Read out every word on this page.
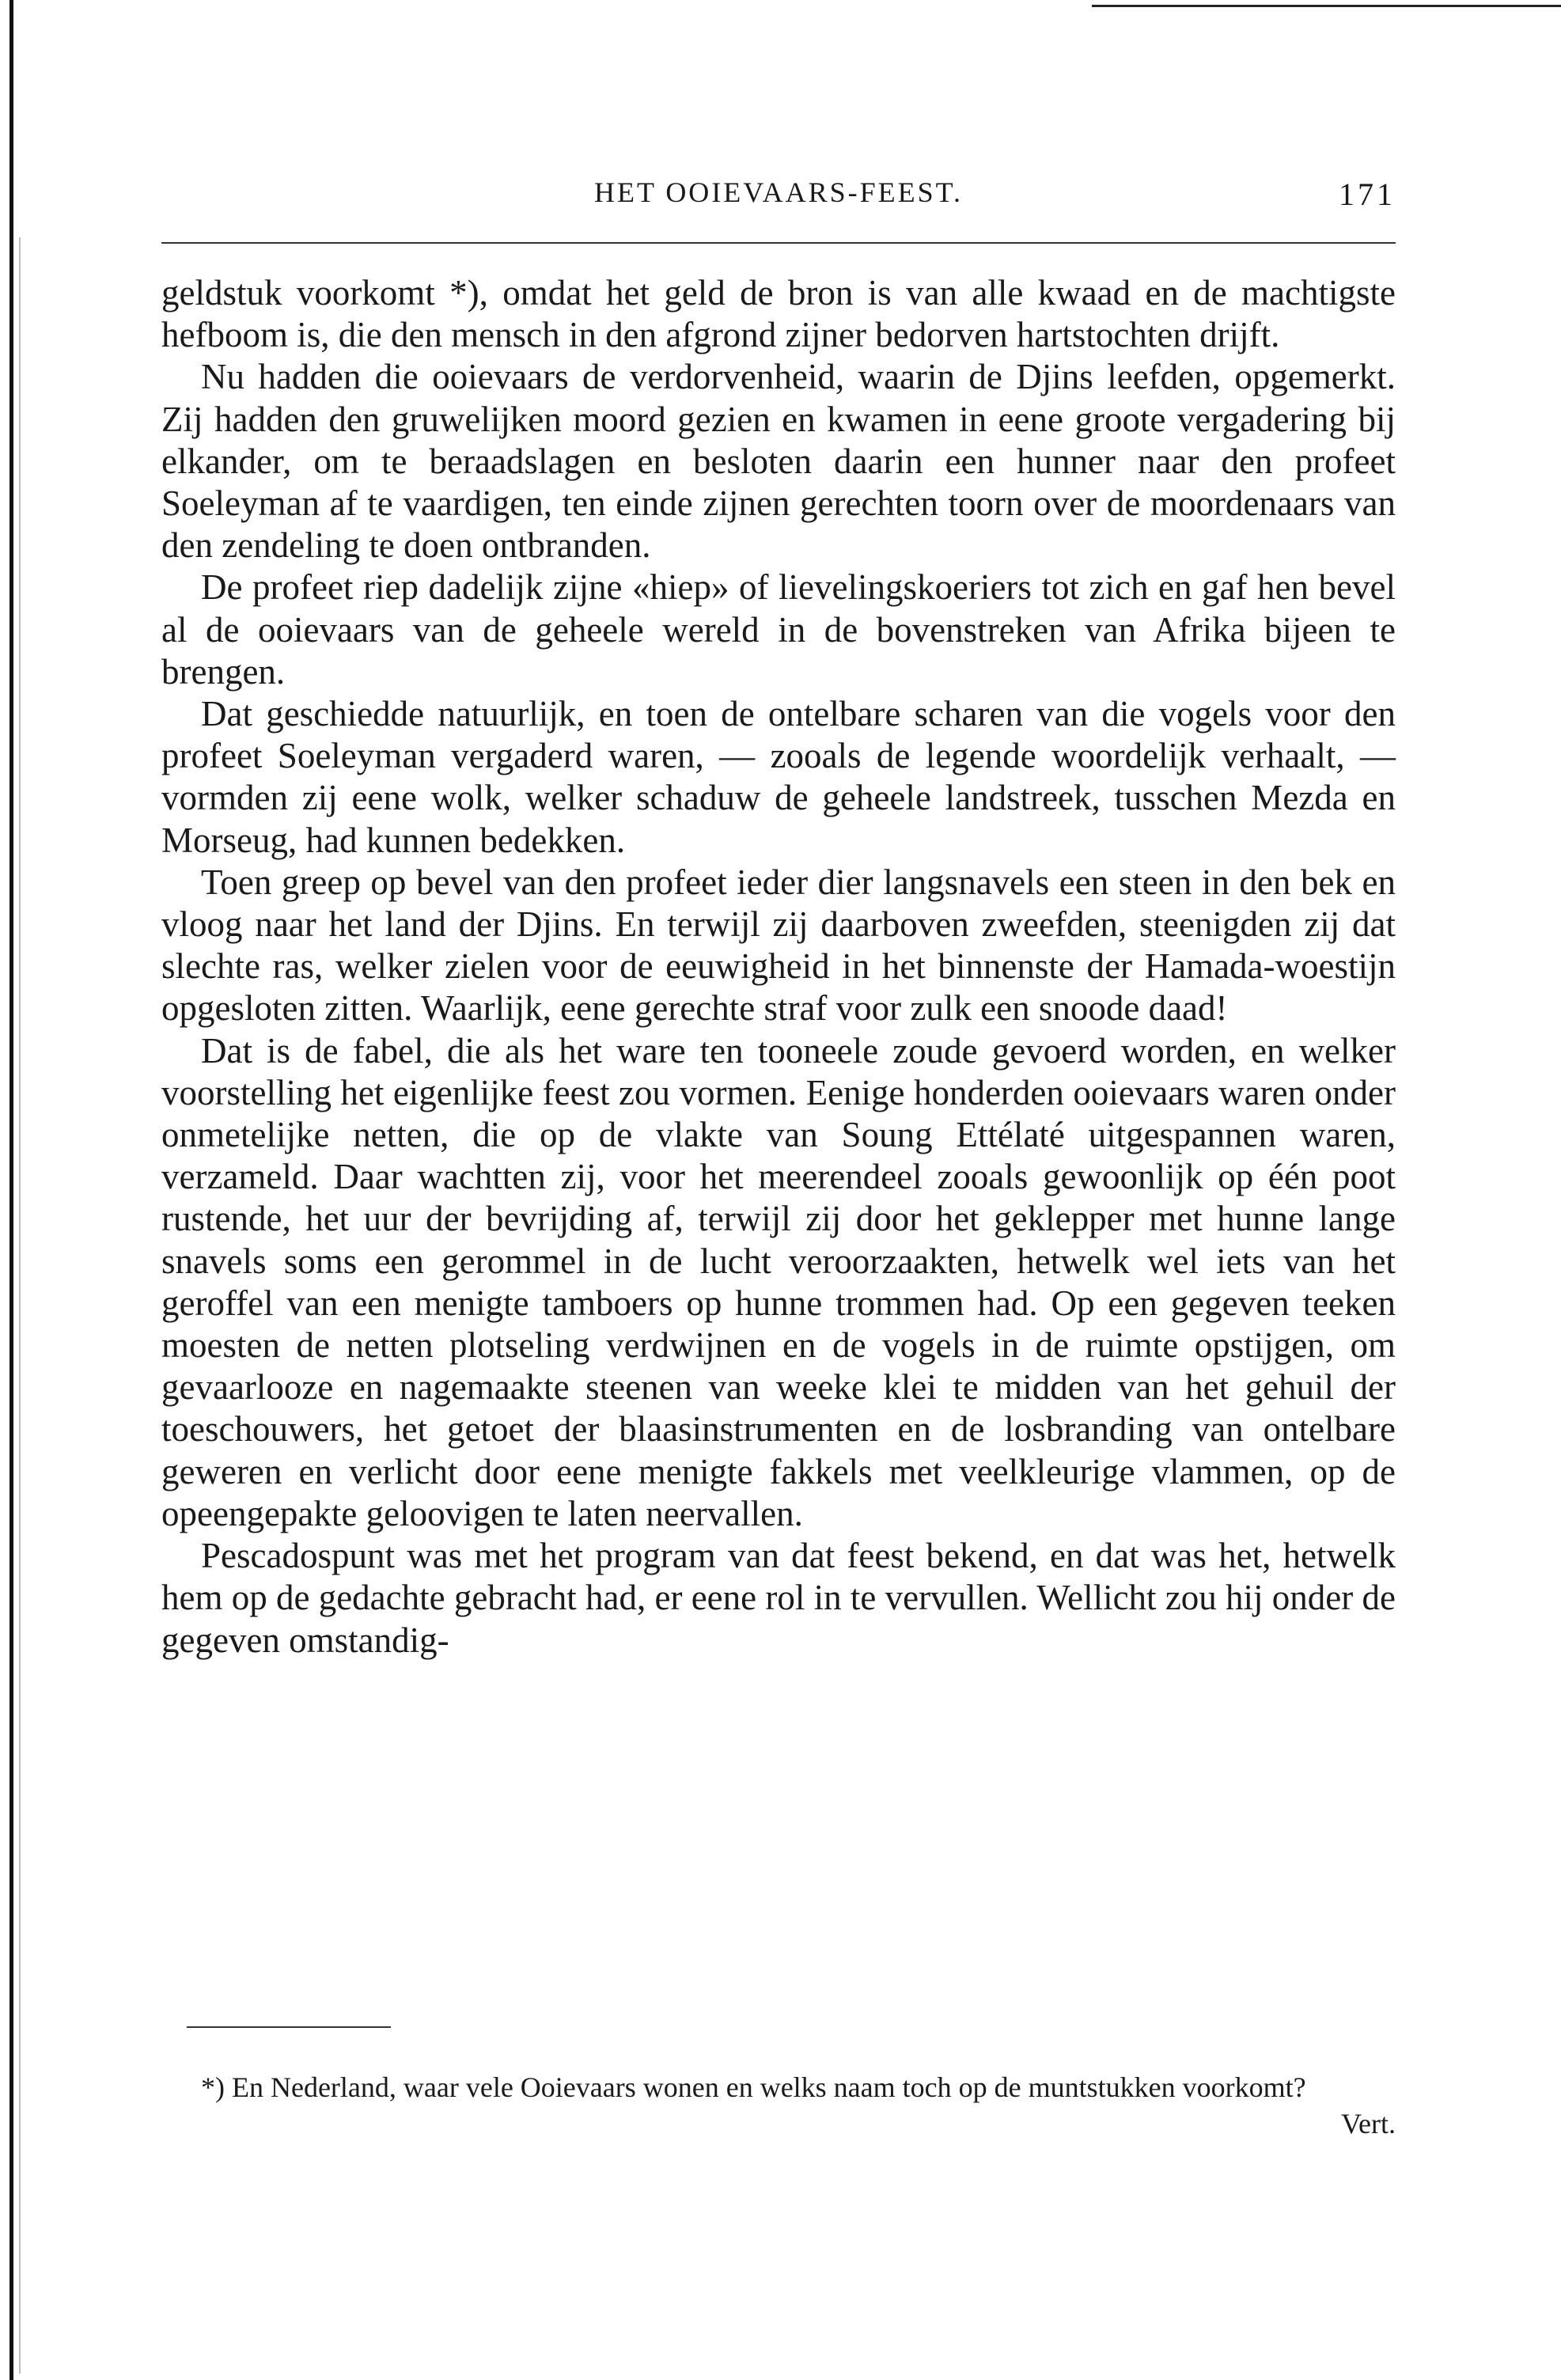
HET OOIEVAARS-FEEST.	171

geldstuk voorkomt *), omdat het geld de bron is van alle kwaad en de machtigste hefboom is, die den mensch in den afgrond zijner bedorven hartstochten drijft.

Nu hadden die ooievaars de verdorvenheid, waarin de Djins leefden, opgemerkt. Zij hadden den gruwelijken moord gezien en kwamen in eene groote vergadering bij elkander, om te beraadslagen en besloten daarin een hunner naar den profeet Soeleyman af te vaardigen, ten einde zijnen gerechten toorn over de moordenaars van den zendeling te doen ontbranden.

De profeet riep dadelijk zijne «hiep» of lievelingskoeriers tot zich en gaf hen bevel al de ooievaars van de geheele wereld in de bovenstreken van Afrika bijeen te brengen.

Dat geschiedde natuurlijk, en toen de ontelbare scharen van die vogels voor den profeet Soeleyman vergaderd waren, — zooals de legende woordelijk verhaalt, — vormden zij eene wolk, welker schaduw de geheele landstreek, tusschen Mezda en Morseug, had kunnen bedekken.

Toen greep op bevel van den profeet ieder dier langsnavels een steen in den bek en vloog naar het land der Djins. En terwijl zij daarboven zweefden, steenigden zij dat slechte ras, welker zielen voor de eeuwigheid in het binnenste der Hamada-woestijn opgesloten zitten. Waarlijk, eene gerechte straf voor zulk een snoode daad!

Dat is de fabel, die als het ware ten tooneele zoude gevoerd worden, en welker voorstelling het eigenlijke feest zou vormen. Eenige honderden ooievaars waren onder onmetelijke netten, die op de vlakte van Soung Ettélaté uitgespannen waren, verzameld. Daar wachtten zij, voor het meerendeel zooals gewoonlijk op één poot rustende, het uur der bevrijding af, terwijl zij door het geklepper met hunne lange snavels soms een gerommel in de lucht veroorzaakten, hetwelk wel iets van het geroffel van een menigte tamboers op hunne trommen had. Op een gegeven teeken moesten de netten plotseling verdwijnen en de vogels in de ruimte opstijgen, om gevaarlooze en nagemaakte steenen van weeke klei te midden van het gehuil der toeschouwers, het getoet der blaasinstrumenten en de losbranding van ontelbare geweren en verlicht door eene menigte fakkels met veelkleurige vlammen, op de opeengepakte geloovigen te laten neervallen.

Pescadospunt was met het program van dat feest bekend, en dat was het, hetwelk hem op de gedachte gebracht had, er eene rol in te vervullen. Wellicht zou hij onder de gegeven omstandig-

*) En Nederland, waar vele Ooievaars wonen en welks naam toch op de muntstukken voorkomt?
Vert.
